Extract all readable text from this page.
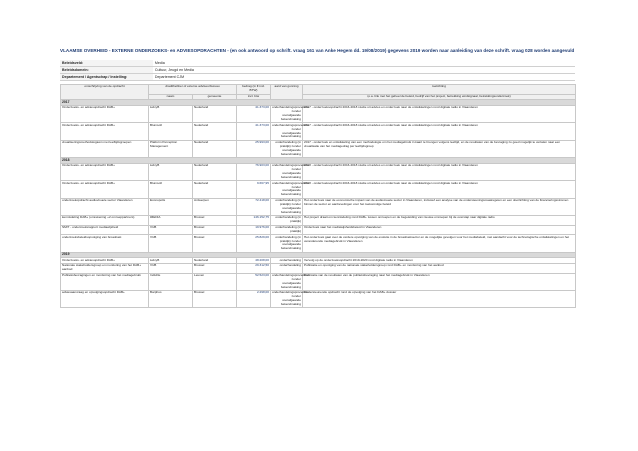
VLAAMSE OVERHEID - EXTERNE ONDERZOEKS- en ADVIESOPDRACHTEN - (en ook antwoord op schrift. vraag 161 van Anke Hegem dd. 19/08/2019) gegevens 2019 worden naar aanleiding van deze schrift. vraag 028 worden aangevuld
Beleidsveld:	Media
Beleidsdomein:	Cultuur, Jeugd en Media
Departement / Agentschap / Instelling:	Departement CJM
omschrijving van de opdracht	dradithebber of externe adviseurbureau		bedrag (in € incl. BTW)	aard van gunning	toelichting
	naam	gemeente	incl. btw		(o.a. link met het geheel de beleid, bedrijf van het project, betrekking eindsignaal, betrekkingsonderzoek)
2017					
Onderzoeks- en adviesopdracht DAB+	iudxyB	Nederland	41.373,00	onderhandelingsprocedure zonder voorafgaande bekendmaking	2017 - onderzoeksopdracht 2016-2018 studie uit advies en onderzoek naar de ontwikkelingen rond digitale radio in Vlaanderen
Onderzoeks- en adviesopdracht DAB+	Blumsoft	Nederland	41.373,00	onderhandelingsprocedure zonder voorafgaande bekendmaking	2017 - onderzoeksopdracht 2016-2018 studie uit advies en onderzoek naar de ontwikkelingen rond digitale radio in Vlaanderen
visualiseringsmethodologieën met leeftijdsgroepen	Platform Perception Management	Nederland	25.993,00	onderhandeling (in praktijk) zonder voorafgaande bekendmaking	2017 - onderzoek en ontwikkeling van een methodologie om het mediagebruik in kaart te brengen volgens leeftijd, en de resultaten van de bevraging zo goed mogelijk te vertalen naar een visualisatie van het mediagedrag per leeftijdsgroep
2018					
Onderzoeks- en adviesopdracht DAB+	iudxyB	Nederland	76.903,00	onderhandelingsprocedure zonder voorafgaande bekendmaking	2018 - onderzoeksopdracht 2016-2018 studie uit advies en onderzoek naar de ontwikkelingen rond digitale radio in Vlaanderen
Onderzoeks- en adviesopdracht DAB+	Blumsoft	Nederland	9.667,95	onderhandelingsprocedure zonder voorafgaande bekendmaking	2018 - onderzoeksopdracht 2016-2018 studie uit advies en onderzoek naar de ontwikkelingen rond digitale radio in Vlaanderen
onderzoekopdracht audiovisuele sector Vlaanderen	Econopolis	Antwerpen	72.418,00	onderhandeling (in praktijk) zonder voorafgaande bekendmaking	Het onderzoek naar de economische impact van de audiovisuele sector in Vlaanderen, inclusief een analyse van de ondersteuningsmaatregelen en een doorlichting van de financieringsstromen binnen de sector en aanbevelingen voor het toekomstige beleid
kennisdeling DAB+ (omrekening +2 omroeppartners)	iMEDIA	Brussel	146.152,75	onderhandeling (in praktijk)	Het project draait om kennisdeling rond DAB+ tussen omroepen en de begeleiding van nieuwe omroepen bij de overstap naar digitale radio
SMIT - onderzoeksrapport mediawijsheid	VUB	Brussel	19.976,00	onderhandeling (in praktijk)	Onderzoek naar het mediawijsheidsbeleid in Vlaanderen
onderzoeksbeleidsopvolging van broadcast	VUB	Brussel	25.829,00	onderhandeling (in praktijk) zonder voorafgaande bekendmaking	Het onderzoek gaat over de verdere opvolging van de evolutie in de broadcastsector en de mogelijke gevolgen voor het mediabeleid, met aandacht voor de technologische ontwikkelingen en het veranderende mediagebruik in Vlaanderen
2019					
Onderzoeks- en adviesopdracht DAB+	iudxyB	Nederland	48.208,00	onderhandeling	Vervolg op de onderzoeksopdracht 2019-2020 rond digitale radio in Vlaanderen
Nationale stakeholdersgroep en monitoring van het DAB+ aanbod	VUB	Brussel	29.312,50	onderhandeling	Publicatie en opvolging van de nationale stakeholdersgroep rond DAB+ en monitoring van het aanbod
Publieksbevragingen en monitoring van het mediagebruik	Indiville	Leuven	52.523,00	onderhandelingsprocedure zonder voorafgaande bekendmaking	Publicatie van de resultaten van de publieksbevraging naar het mediagebruik in Vlaanderen
adviesaanvraag en opvolgingsopdracht DAB+	Barphus	Brussel	2.298,00	onderhandelingsprocedure zonder voorafgaande bekendmaking	Ondersteunende opdracht rond de opvolging van het DAB+ dossier
